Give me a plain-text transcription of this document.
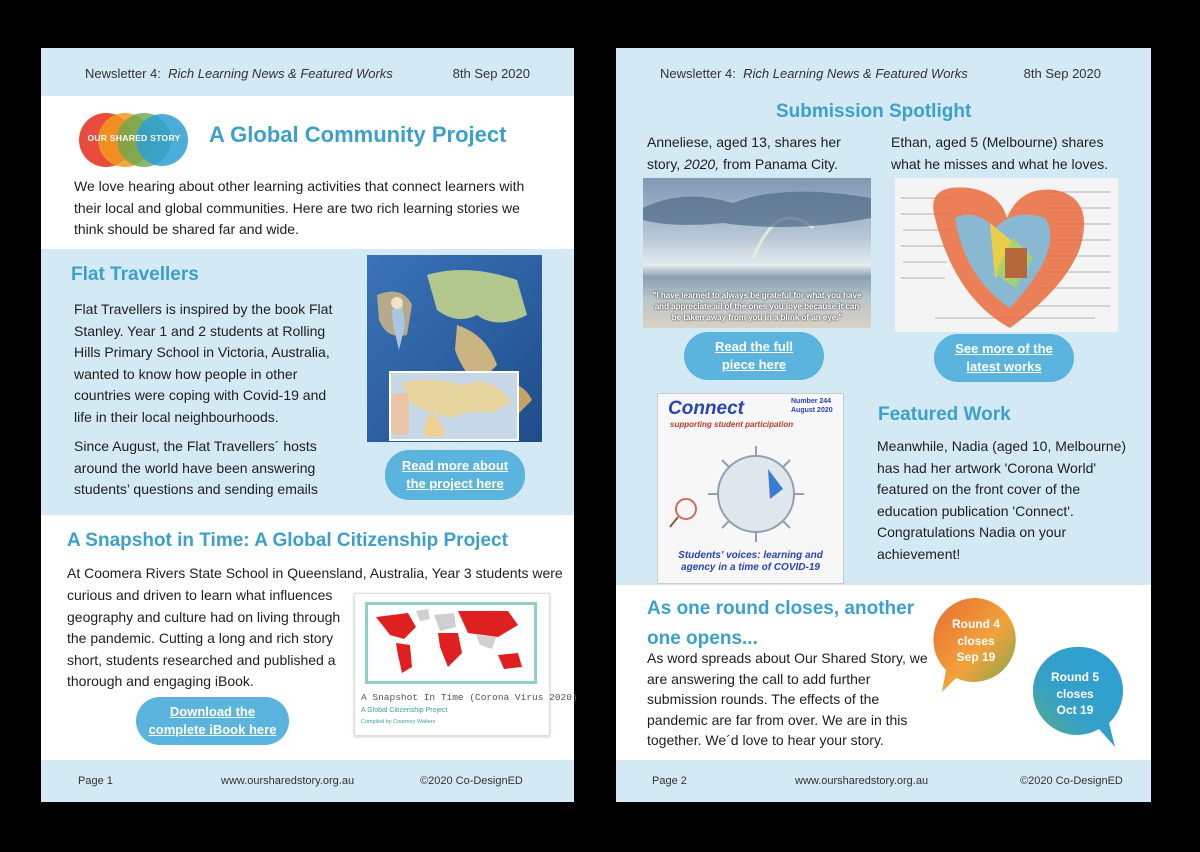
Newsletter 4: Rich Learning News & Featured Works	8th Sep 2020
OUR SHARED STORY	A Global Community Project
We love hearing about other learning activities that connect learners with their local and global communities. Here are two rich learning stories we think should be shared far and wide.
Flat Travellers
Flat Travellers is inspired by the book Flat Stanley. Year 1 and 2 students at Rolling Hills Primary School in Victoria, Australia, wanted to know how people in other countries were coping with Covid-19 and life in their local neighbourhoods.
Since August, the Flat Travellers´ hosts around the world have been answering students’ questions and sending emails
Read more about the project here
A Snapshot in Time: A Global Citizenship Project
At Coomera Rivers State School in Queensland, Australia, Year 3 students were
curious and driven to learn what influences geography and culture had on living through the pandemic. Cutting a long and rich story short, students researched and published a thorough and engaging iBook.
A Snapshot In Time (Corona Virus 2020)
A Global Citizenship Project
Compiled by Courtney Walters
Download the complete iBook here
Page 1	www.oursharedstory.org.au	©2020 Co-DesignED
Newsletter 4: Rich Learning News & Featured Works	8th Sep 2020
Submission Spotlight
Anneliese, aged 13, shares her story, 2020, from Panama City.
"I have learned to always be grateful for what you have and appreciate all of the ones you love because it can be taken away from you in a blink of an eye."
Read the full piece here
Ethan, aged 5 (Melbourne) shares what he misses and what he loves.
See more of the latest works
Connect
supporting student participation
Number 244
August 2020
Students' voices: learning and agency in a time of COVID-19
Featured Work
Meanwhile, Nadia (aged 10, Melbourne) has had her artwork 'Corona World' featured on the front cover of the education publication 'Connect'. Congratulations Nadia on your achievement!
As one round closes, another one opens...
As word spreads about Our Shared Story, we are answering the call to add further submission rounds. The effects of the pandemic are far from over. We are in this together. We´d love to hear your story.
Round 4 closes Sep 19
Round 5 closes Oct 19
Page 2	www.oursharedstory.org.au	©2020 Co-DesignED
